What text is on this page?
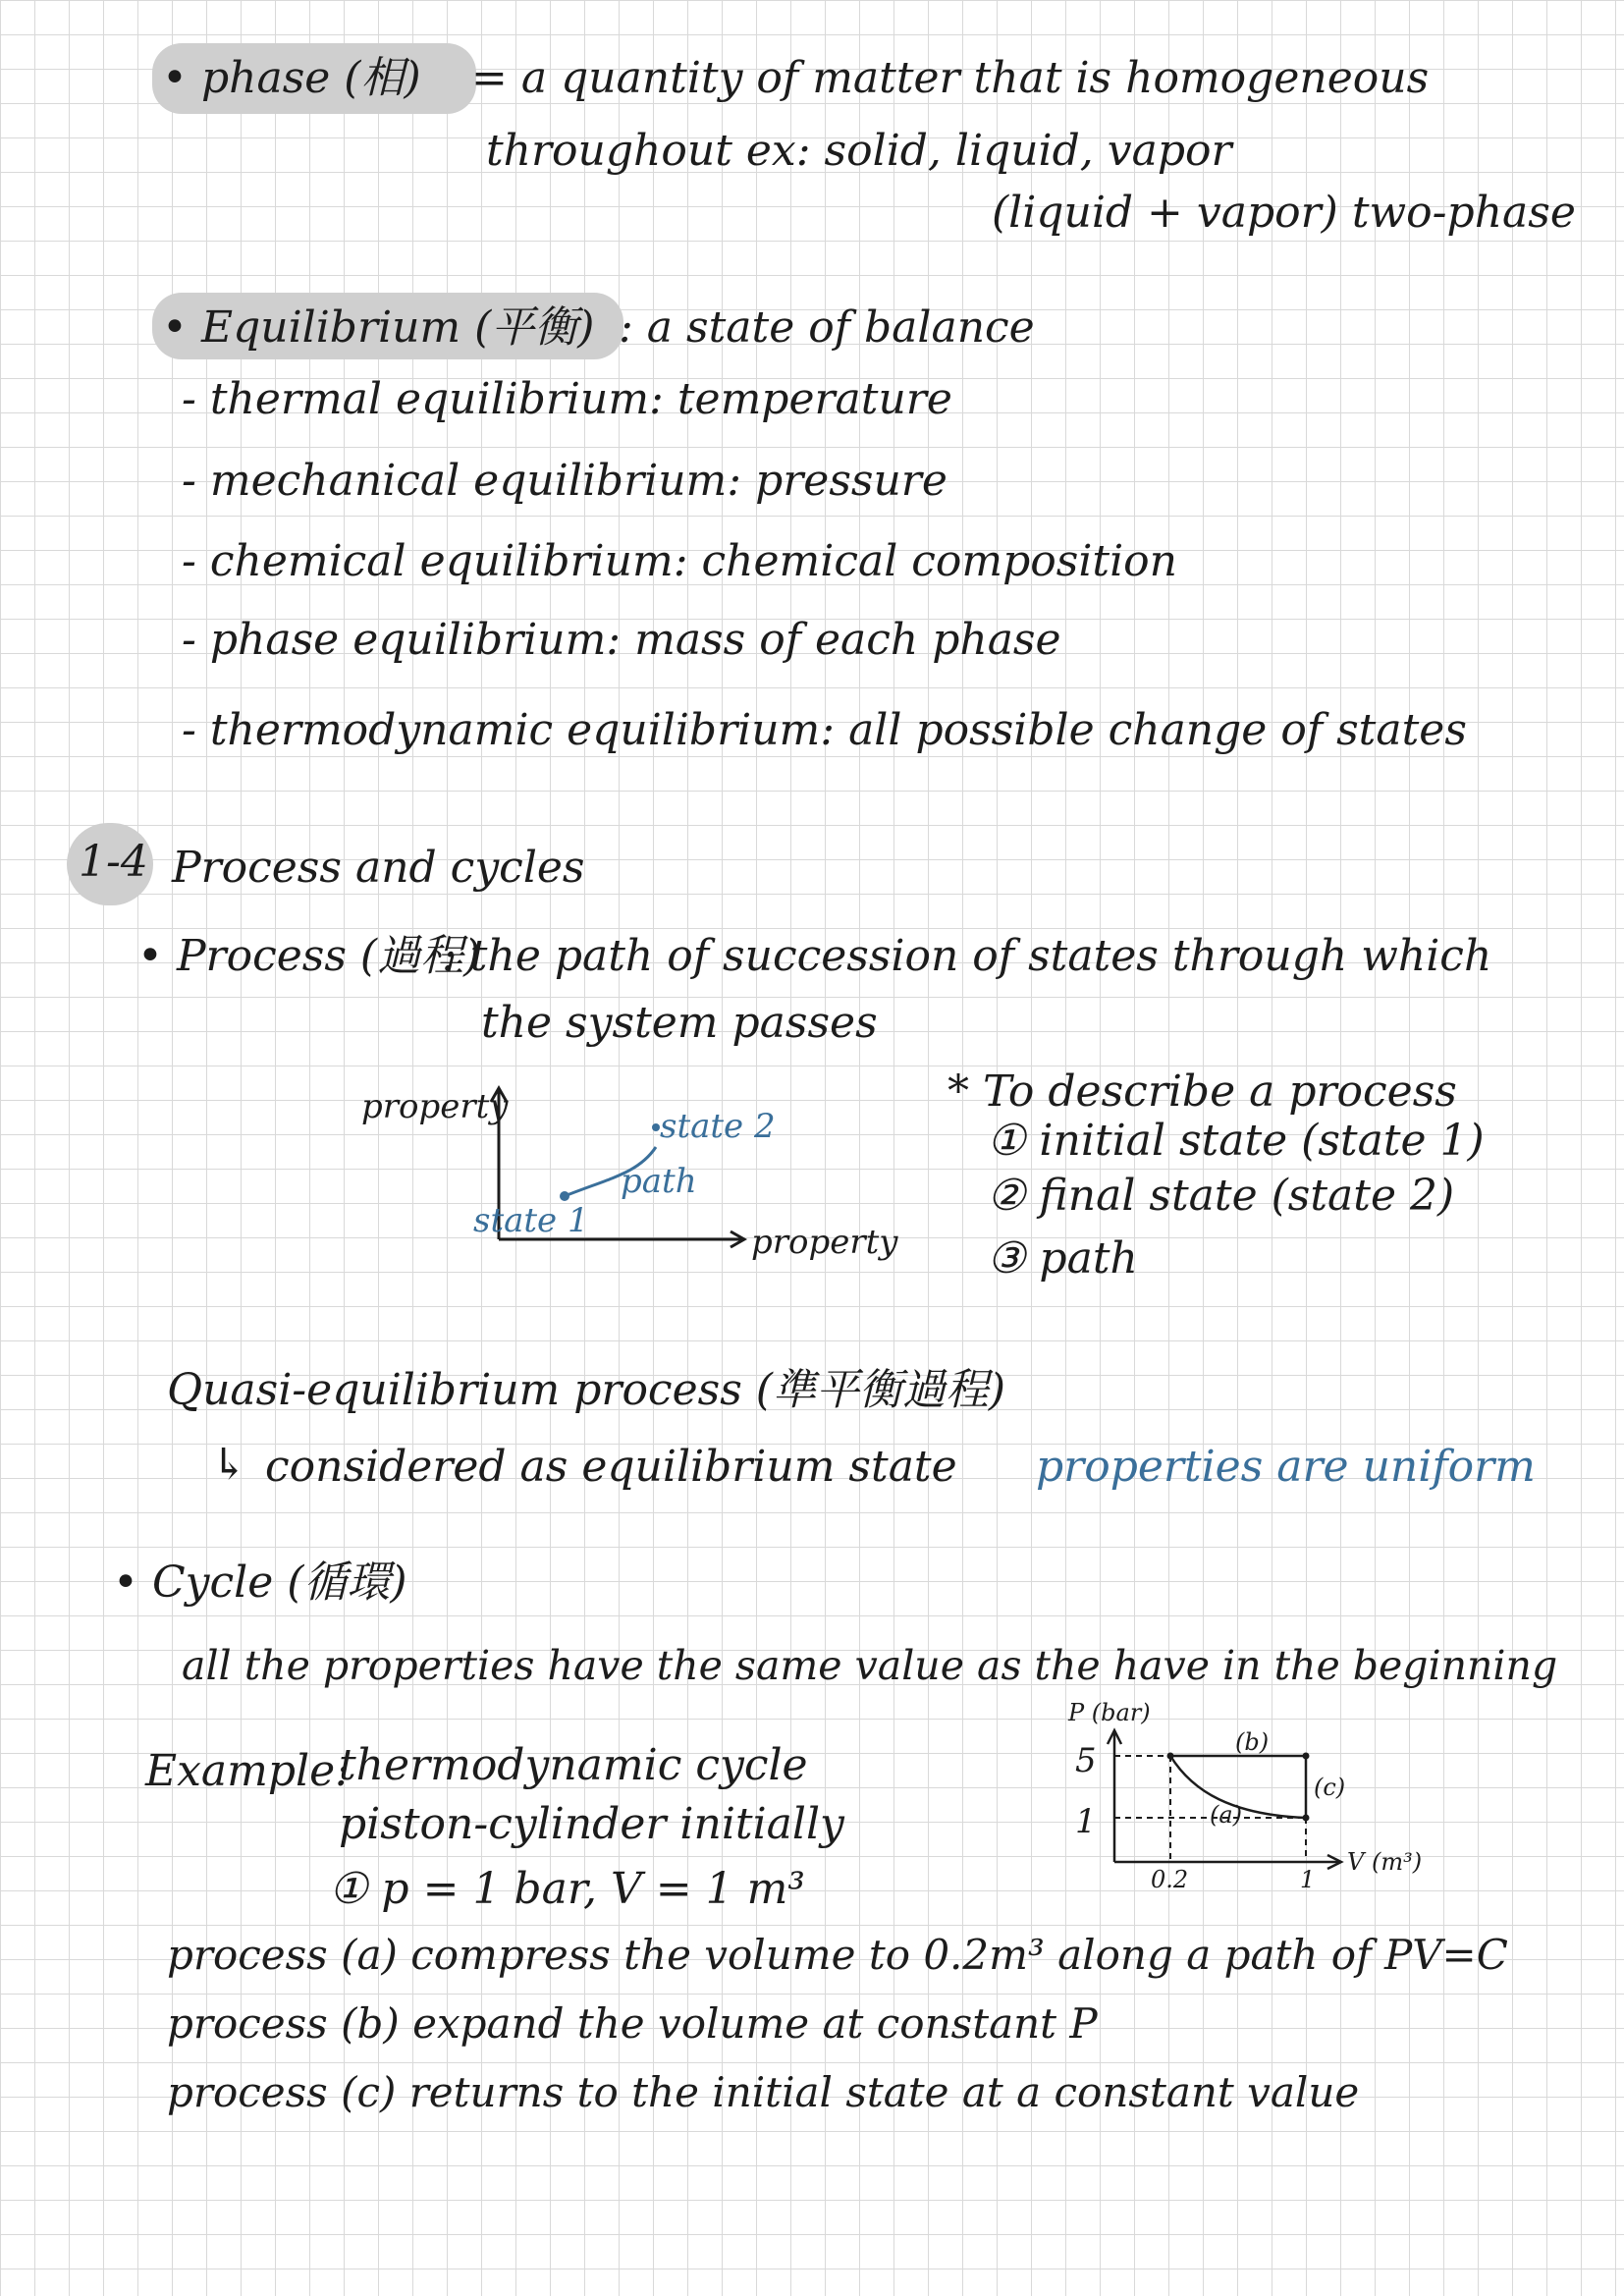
• phase (相) = a quantity of matter that is homogeneous
throughout ex: solid, liquid, vapor
(liquid + vapor) two-phase
• Equilibrium (平衡) : a state of balance
- thermal equilibrium: temperature
- mechanical equilibrium: pressure
- chemical equilibrium: chemical composition
- phase equilibrium: mass of each phase
- thermodynamic equilibrium: all possible change of states
1-4 Process and cycles
• Process (過程)
: the path of succession of states through which
the system passes
property
property
state 1
state 2
path
* To describe a process
① initial state (state 1)
② final state (state 2)
③ path
Quasi-equilibrium process (準平衡過程)
↳ considered as equilibrium state properties are uniform
• Cycle (循環)
all the properties have the same value as the have in the beginning
Example:
thermodynamic cycle
piston-cylinder initially
① p = 1 bar, V = 1 m³
P (bar)
5
1
0.2	1
V (m³)
(a)
(b)
(c)
process (a) compress the volume to 0.2m³ along a path of PV=C
process (b) expand the volume at constant P
process (c) returns to the initial state at a constant value
